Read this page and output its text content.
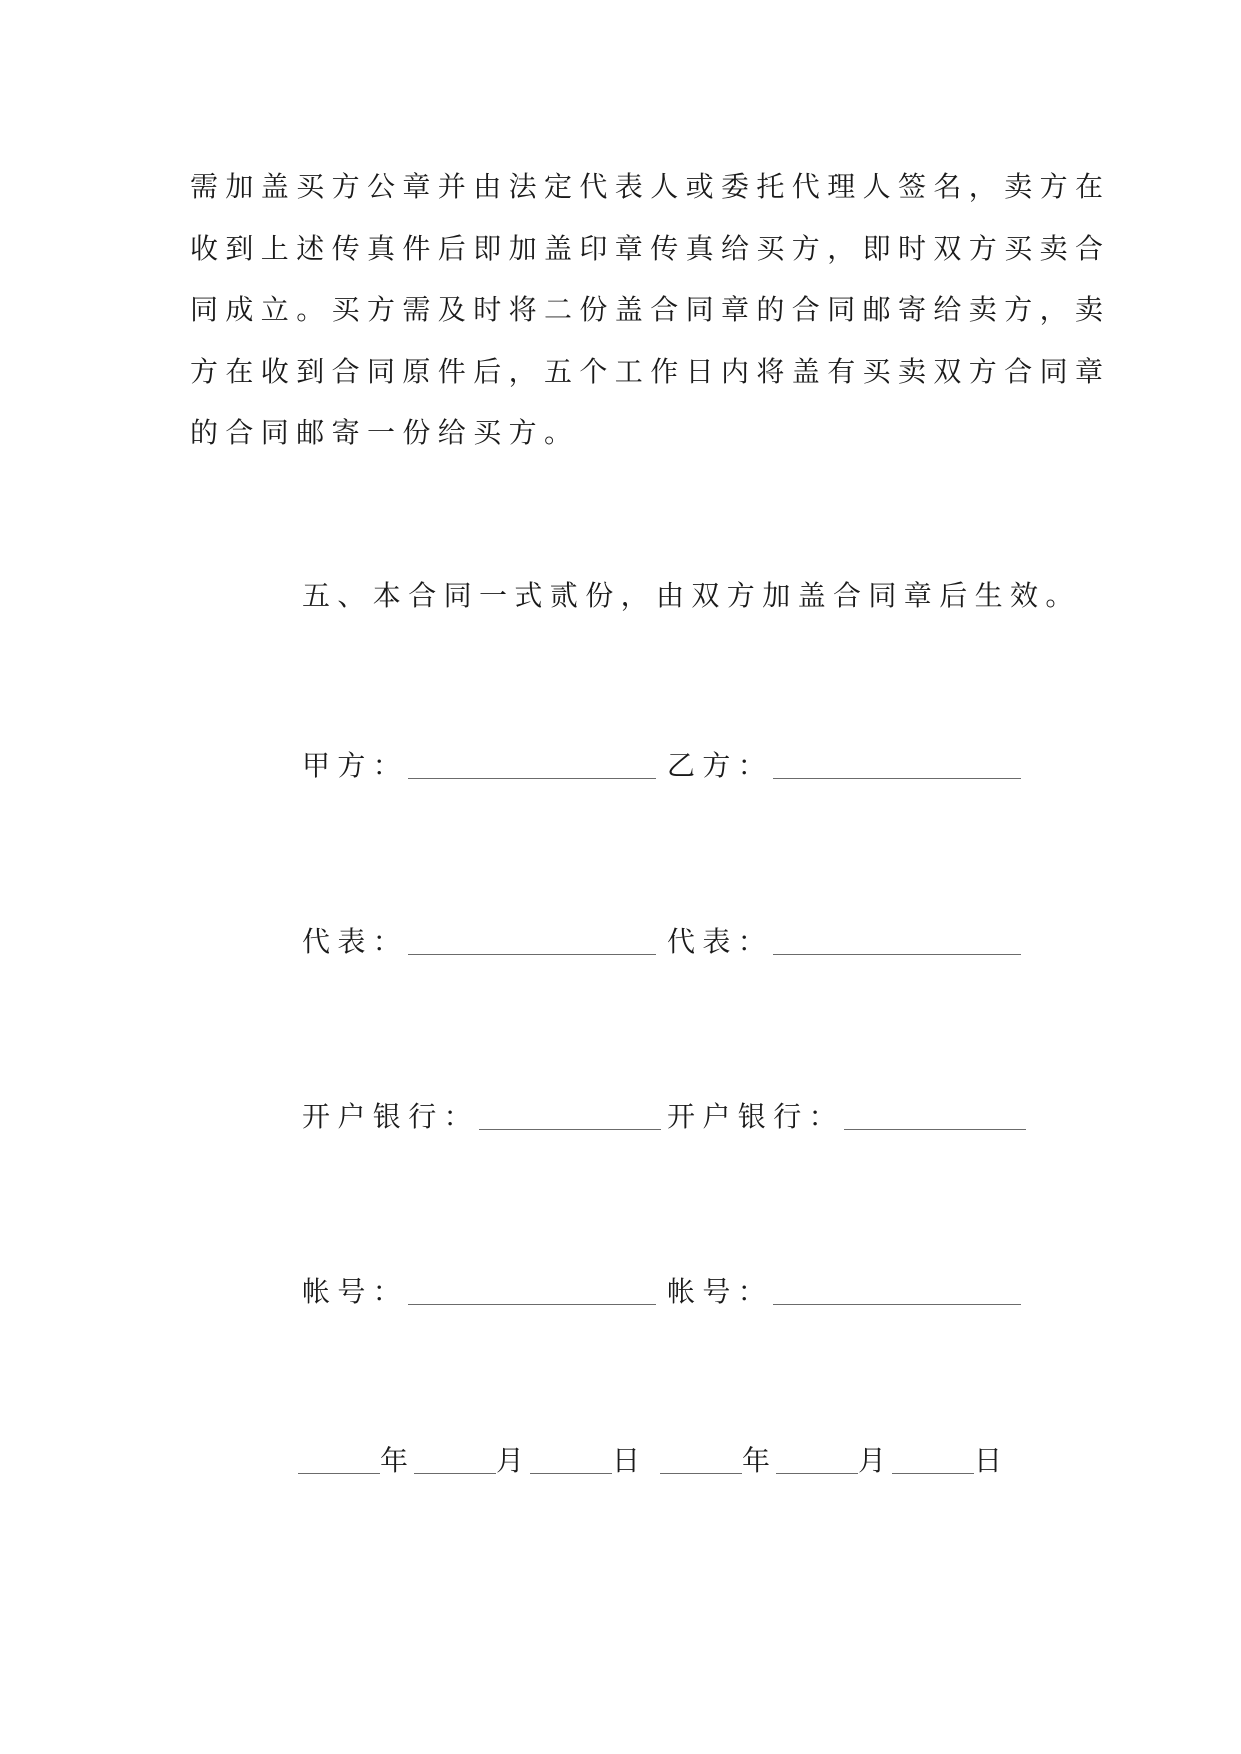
需加盖买方公章并由法定代表人或委托代理人签名，卖方在
收到上述传真件后即加盖印章传真给买方，即时双方买卖合
同成立。买方需及时将二份盖合同章的合同邮寄给卖方，卖
方在收到合同原件后，五个工作日内将盖有买卖双方合同章
的合同邮寄一份给买方。
五、本合同一式贰份，由双方加盖合同章后生效。
甲方：	乙方：
代表：	代表：
开户银行：	开户银行：
帐号：	帐号：
年	月	日	年	月	日
